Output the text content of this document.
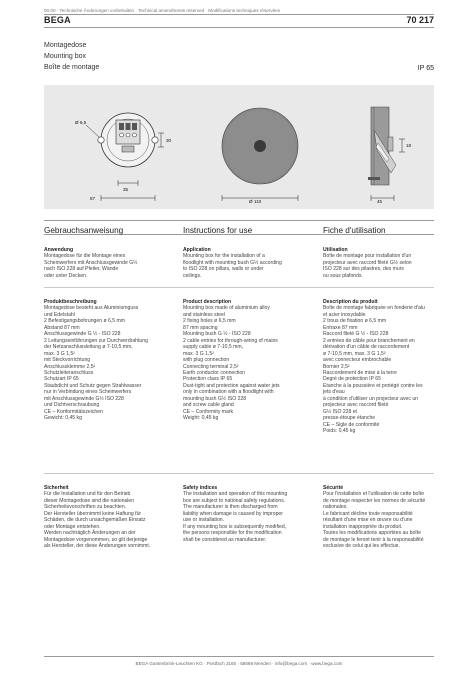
00.00 · Technische Änderungen vorbehalten · Technical amendments reserved · Modifications techniques réservées
BEGA	70 217
Montagedose
Mounting box
Boîte de montage	IP 65
Ø 6,5
30
35
87
Ø 110
18
45
Gebrauchsanweisung

Anwendung

Montagedose für die Montage eines

Scheinwerfers mit Anschlussgewinde G½

nach ISO 228 auf Pfeiler, Wände

oder unter Decken.

Produktbeschreibung

Montagedose besteht aus Aluminiumguss

und Edelstahl

2 Befestigungsbohrungen ø 6,5 mm

Abstand 87 mm

Anschlussgewinde G ½ - ISO 228

2 Leitungseinführungen zur Durchverdrahtung

der Netzanschlussleitung ø 7-10,5 mm,

max. 3 G 1,5²

mit Steckvorrichtung

Anschlussklemme 2,5²

Schutzleiteranschluss

Schutzart IP 65

Staubdicht und Schutz gegen Strahlwasser

nur in Verbindung eines Scheinwerfers

mit Anschlussgewinde G½ ISO 228

und Dichtverschraubung

CE – Konformitätszeichen

Gewicht: 0,45 kg

Sicherheit

Für die Installation und für den Betrieb

dieser Montagedose sind die nationalen

Sicherheitsvorschriften zu beachten.

Der Hersteller übernimmt keine Haftung für

Schäden, die durch unsachgemäßen Einsatz

oder Montage entstehen.

Werden nachträglich Änderungen an der

Montagedose vorgenommen, so gilt derjenige

als Hersteller, der diese Änderungen vornimmt.

Instructions for use

Application

Mounting box for the installation of a

floodlight with mounting bush G½ according

to ISO 228 on pillars, walls or under

ceilings.

Product description

Mounting box made of aluminium alloy

and stainless steel

2 fixing holes ø 6,5 mm

87 mm spacing

Mounting bush G ½ - ISO 228

2 cable entries for through-wiring of mains

supply cable ø 7-10,5 mm,

max. 3 G 1,5²

with plug connection

Connecting terminal 2,5²

Earth conductor connection

Protection class IP 65

Dust-tight and protection against water jets

only in combination with a floodlight with

mounting bush G½ ISO 228

and screw cable gland

CE – Conformity mark

Weight: 0,45 kg

Safety indices

The installation and operation of this mounting

box are subject to national safety regulations.

The manufacturer is then discharged from

liability when damage is caused by improper

use or installation.

If any mounting box is subsequently modified,

the persons responsible for the modification

shall be considered as manufacturer.

Fiche d'utilisation

Utilisation

Boîte de montage pour installation d'un

projecteur avec raccord fileté G½ selon

ISO 228 sur des pilastres, des murs

ou sous plafonds.

Description du produit

Boîte de montage fabriquée en fonderie d'alu

et acier inoxydable

2 trous de fixation ø 6,5 mm

Entraxe 87 mm

Raccord fileté G ½ - ISO 228

2 entrées de câble pour branchement en

dérivation d'un câble de raccordement

ø 7-10,5 mm, max. 3 G 1,5²

avec connecteur embrochable

Bornier 2,5²

Raccordement de mise à la terre

Degré de protection IP 65

Etanche à la poussière et protégé contre les

jets d'eau

à condition d'utiliser un projecteur avec un

projecteur avec raccord fileté

G½ ISO 228 et

presse-étoupe étanche

CE – Sigle de conformité

Poids: 0,45 kg

Sécurité

Pour l'installation et l'utilisation de cette boîte

de montage respecter les normes de sécurité

nationales.

Le fabricant décline toute responsabilité

résultant d'une mise en œuvre ou d'une

installation inappropriée du produit.

Toutes les modifications apportées au boîte

de montage le feront tenir à la responsabilité

exclusive de celui qui les effectue.

BEGA Gantenbrink-Leuchten KG · Postfach 3160 · 58689 Menden · info@bega.com · www.bega.com
